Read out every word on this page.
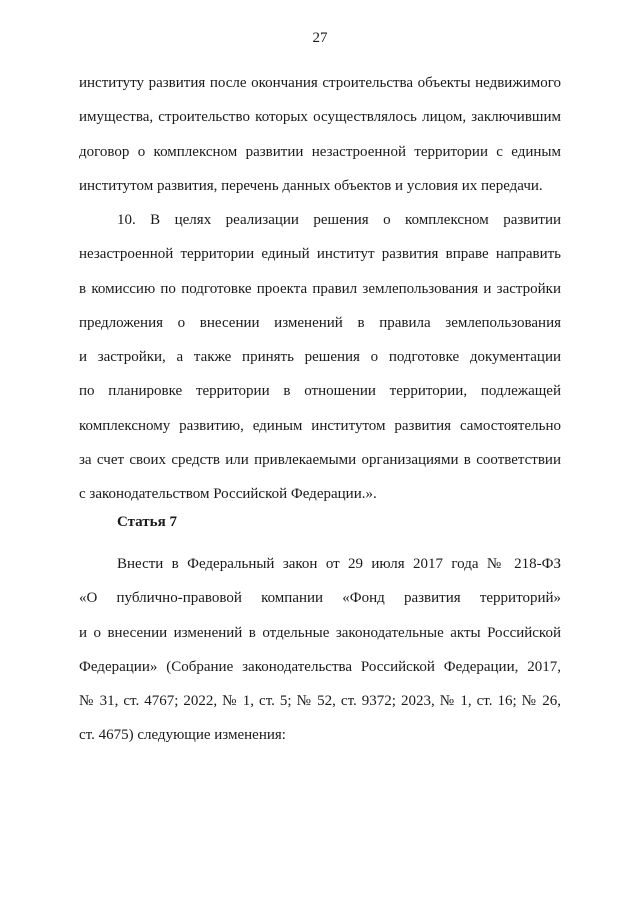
27
институту развития после окончания строительства объекты недвижимого
имущества, строительство которых осуществлялось лицом, заключившим
договор о комплексном развитии незастроенной территории с единым
институтом развития, перечень данных объектов и условия их передачи.
10. В целях реализации решения о комплексном развитии
незастроенной территории единый институт развития вправе направить
в комиссию по подготовке проекта правил землепользования и застройки
предложения о внесении изменений в правила землепользования
и застройки, а также принять решения о подготовке документации
по планировке территории в отношении территории, подлежащей
комплексному развитию, единым институтом развития самостоятельно
за счет своих средств или привлекаемыми организациями в соответствии
с законодательством Российской Федерации.».
Статья 7
Внести в Федеральный закон от 29 июля 2017 года № 218-ФЗ
«О публично-правовой компании «Фонд развития территорий»
и о внесении изменений в отдельные законодательные акты Российской
Федерации» (Собрание законодательства Российской Федерации, 2017,
№ 31, ст. 4767; 2022, № 1, ст. 5; № 52, ст. 9372; 2023, № 1, ст. 16; № 26,
ст. 4675) следующие изменения:
